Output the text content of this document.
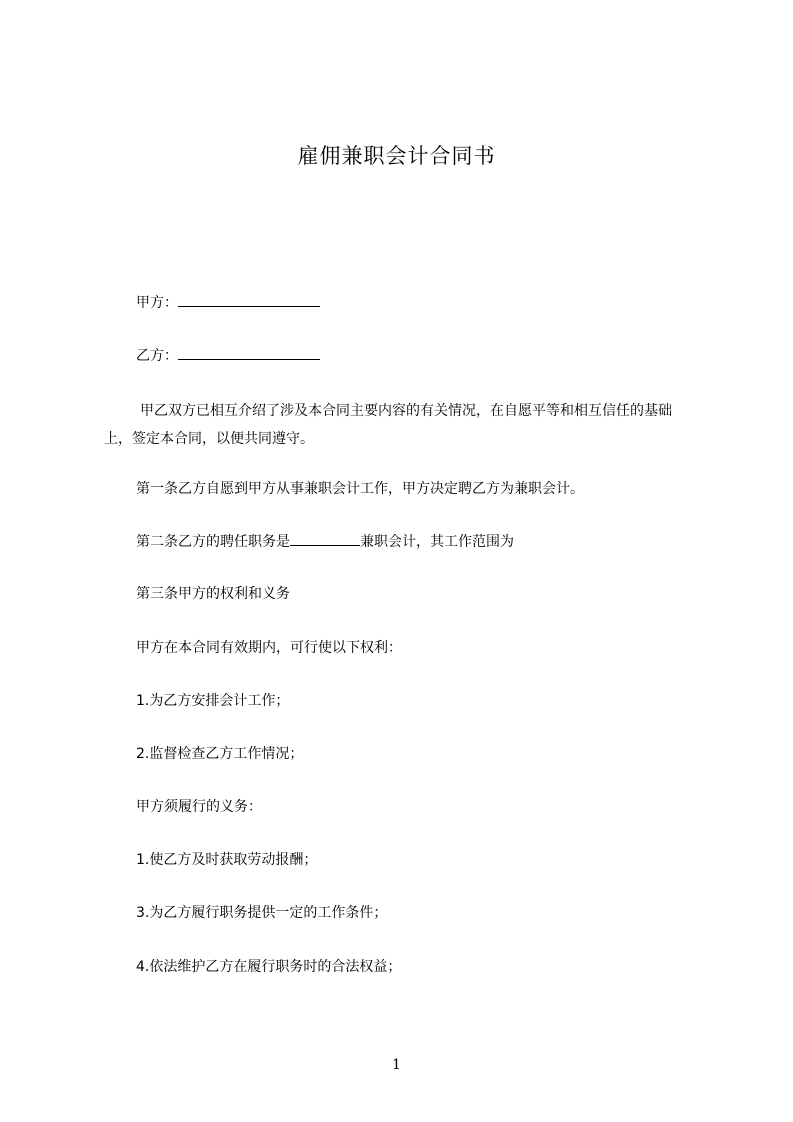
雇佣兼职会计合同书
甲方：
乙方：
甲乙双方已相互介绍了涉及本合同主要内容的有关情况，在自愿平等和相互信任的基础上，签定本合同，以便共同遵守。
第一条乙方自愿到甲方从事兼职会计工作，甲方决定聘乙方为兼职会计。
第二条乙方的聘任职务是	兼职会计，其工作范围为
第三条甲方的权利和义务
甲方在本合同有效期内，可行使以下权利：
1.为乙方安排会计工作；
2.监督检查乙方工作情况；
甲方须履行的义务：
1.使乙方及时获取劳动报酬；
3.为乙方履行职务提供一定的工作条件；
4.依法维护乙方在履行职务时的合法权益；
1
